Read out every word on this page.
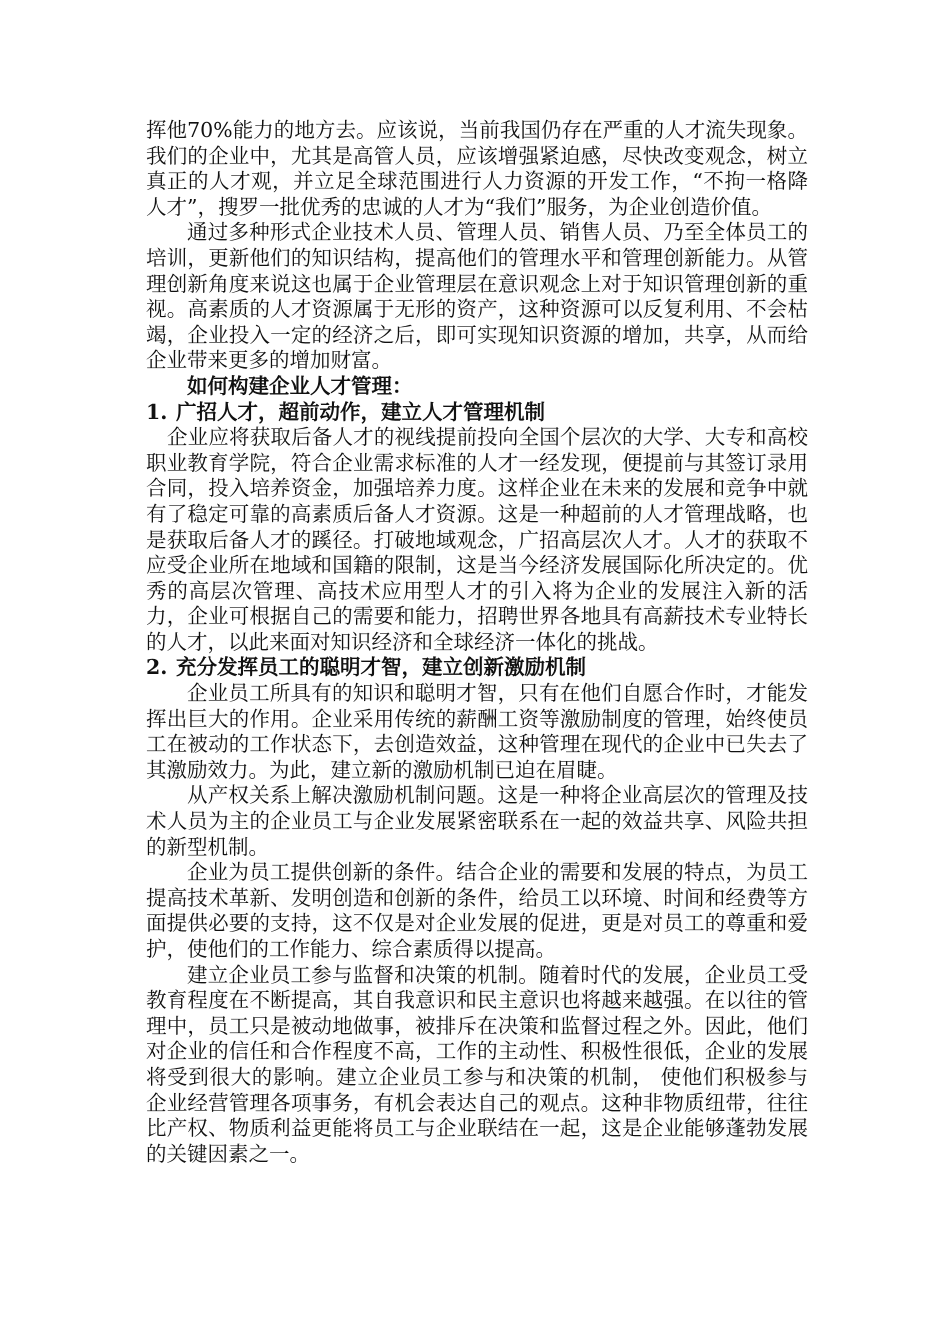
挥他70%能力的地方去。应该说，当前我国仍存在严重的人才流失现象。我们的企业中，尤其是高管人员，应该增强紧迫感，尽快改变观念，树立真正的人才观，并立足全球范围进行人力资源的开发工作，“不拘一格降人才”，搜罗一批优秀的忠诚的人才为“我们”服务，为企业创造价值。

通过多种形式企业技术人员、管理人员、销售人员、乃至全体员工的培训，更新他们的知识结构，提高他们的管理水平和管理创新能力。从管理创新角度来说这也属于企业管理层在意识观念上对于知识管理创新的重视。高素质的人才资源属于无形的资产，这种资源可以反复利用、不会枯竭，企业投入一定的经济之后，即可实现知识资源的增加，共享，从而给企业带来更多的增加财富。

如何构建企业人才管理：

1. 广招人才，超前动作，建立人才管理机制

企业应将获取后备人才的视线提前投向全国个层次的大学、大专和高校职业教育学院，符合企业需求标准的人才一经发现，便提前与其签订录用合同，投入培养资金，加强培养力度。这样企业在未来的发展和竞争中就有了稳定可靠的高素质后备人才资源。这是一种超前的人才管理战略，也是获取后备人才的蹊径。打破地域观念，广招高层次人才。人才的获取不应受企业所在地域和国籍的限制，这是当今经济发展国际化所决定的。优秀的高层次管理、高技术应用型人才的引入将为企业的发展注入新的活力，企业可根据自己的需要和能力，招聘世界各地具有高薪技术专业特长的人才，以此来面对知识经济和全球经济一体化的挑战。

2. 充分发挥员工的聪明才智，建立创新激励机制

企业员工所具有的知识和聪明才智，只有在他们自愿合作时，才能发挥出巨大的作用。企业采用传统的薪酬工资等激励制度的管理，始终使员工在被动的工作状态下，去创造效益，这种管理在现代的企业中已失去了其激励效力。为此，建立新的激励机制已迫在眉睫。

从产权关系上解决激励机制问题。这是一种将企业高层次的管理及技术人员为主的企业员工与企业发展紧密联系在一起的效益共享、风险共担的新型机制。

企业为员工提供创新的条件。结合企业的需要和发展的特点，为员工提高技术革新、发明创造和创新的条件，给员工以环境、时间和经费等方面提供必要的支持，这不仅是对企业发展的促进，更是对员工的尊重和爱护，使他们的工作能力、综合素质得以提高。

建立企业员工参与监督和决策的机制。随着时代的发展，企业员工受教育程度在不断提高，其自我意识和民主意识也将越来越强。在以往的管理中，员工只是被动地做事，被排斥在决策和监督过程之外。因此，他们对企业的信任和合作程度不高，工作的主动性、积极性很低，企业的发展将受到很大的影响。建立企业员工参与和决策的机制， 使他们积极参与企业经营管理各项事务，有机会表达自己的观点。这种非物质纽带，往往比产权、物质利益更能将员工与企业联结在一起，这是企业能够蓬勃发展的关键因素之一。
